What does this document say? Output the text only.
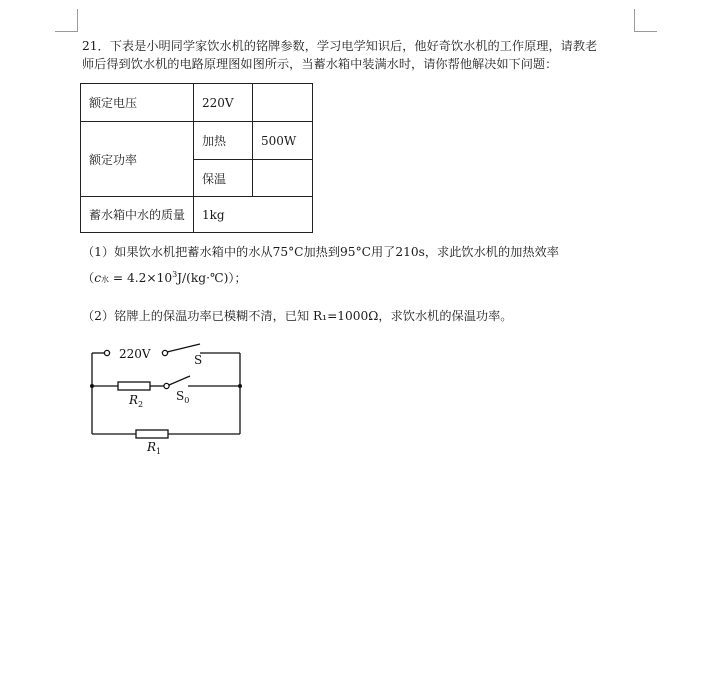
21．下表是小明同学家饮水机的铭牌参数，学习电学知识后，他好奇饮水机的工作原理，请教老
师后得到饮水机的电路原理图如图所示，当蓄水箱中装满水时，请你帮他解决如下问题：
额定电压	220V	
额定功率	加热	500W
	保温	
蓄水箱中水的质量	1kg	
（1）如果饮水机把蓄水箱中的水从75°C加热到95°C用了210s，求此饮水机的加热效率
（c水 = $4.2\times 10^3J/(kg\cdot℃)$）；
（2）铭牌上的保温功率已模糊不清，已知 R₁=1000Ω，求饮水机的保温功率。
220V	S
$S_0$
$R_2$
$R_1$
